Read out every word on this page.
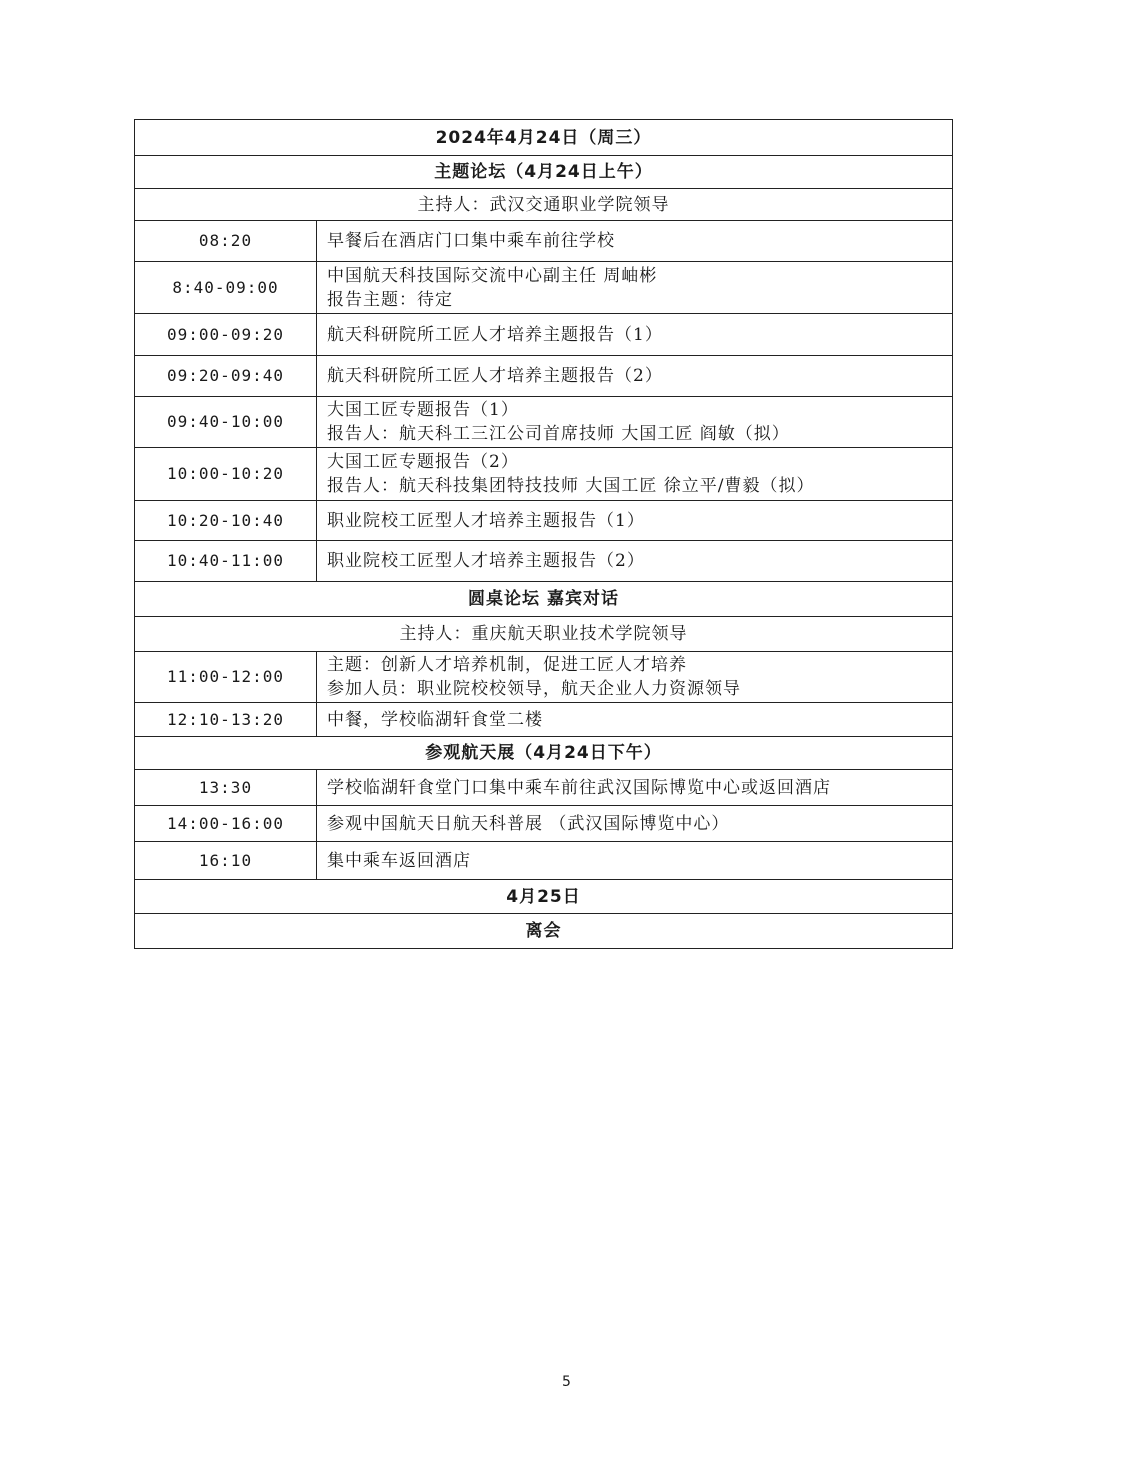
2024年4月24日（周三）	
主题论坛（4月24日上午）	
主持人：武汉交通职业学院领导	
08:20	早餐后在酒店门口集中乘车前往学校

8:40-09:00	中国航天科技国际交流中心副主任 周岫彬
报告主题：待定

09:00-09:20	航天科研院所工匠人才培养主题报告（1）

09:20-09:40	航天科研院所工匠人才培养主题报告（2）

09:40-10:00	大国工匠专题报告（1）
报告人：航天科工三江公司首席技师 大国工匠 阎敏（拟）

10:00-10:20	大国工匠专题报告（2）
报告人：航天科技集团特技技师 大国工匠 徐立平/曹毅（拟）

10:20-10:40	职业院校工匠型人才培养主题报告（1）

10:40-11:00	职业院校工匠型人才培养主题报告（2）

圆桌论坛 嘉宾对话	
主持人：重庆航天职业技术学院领导	
11:00-12:00	主题：创新人才培养机制，促进工匠人才培养
参加人员：职业院校校领导，航天企业人力资源领导

12:10-13:20	中餐，学校临湖轩食堂二楼

参观航天展（4月24日下午）	
13:30	学校临湖轩食堂门口集中乘车前往武汉国际博览中心或返回酒店

14:00-16:00	参观中国航天日航天科普展 （武汉国际博览中心）

16:10	集中乘车返回酒店

4月25日	
离会	
5
